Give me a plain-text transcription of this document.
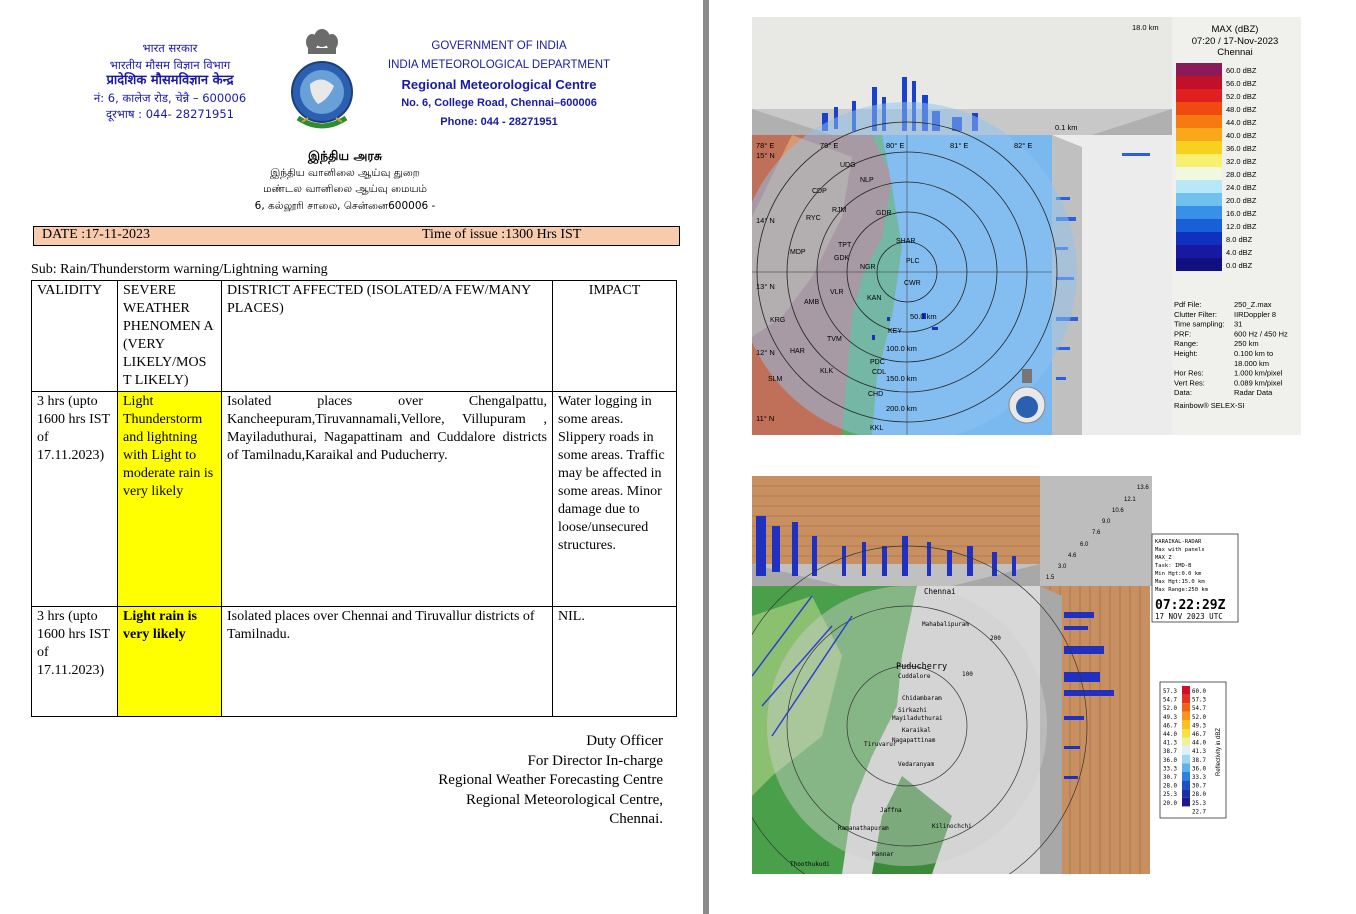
भारत सरकार
भारतीय मौसम विज्ञान विभाग
प्रादेशिक मौसमविज्ञान केन्द्र
नं: 6, कालेज रोड, चेन्नै – 600006
दूरभाष : 044- 28271951
GOVERNMENT OF INDIA
INDIA METEOROLOGICAL DEPARTMENT
Regional Meteorological Centre
No. 6, College Road, Chennai–600006
Phone: 044 - 28271951
இந்திய அரசு
இந்திய வானிலை ஆய்வு துறை
மண்டல வானிலை ஆய்வு மையம்
6, கல்லூரி சாலை, சென்னை600006 -
DATE :17-11-2023	Time of issue :1300 Hrs IST
Sub: Rain/Thunderstorm warning/Lightning warning
VALIDITY	SEVERE WEATHER PHENOMEN A (VERY LIKELY/MOS T LIKELY)	DISTRICT AFFECTED (ISOLATED/A FEW/MANY PLACES)	IMPACT
3 hrs (upto 1600 hrs IST of 17.11.2023)	Light Thunderstorm and lightning with Light to moderate rain is very likely	Isolated places over Chengalpattu, Kancheepuram,Tiruvannamali,Vellore, Villupuram , Mayiladuthurai, Nagapattinam and Cuddalore districts of Tamilnadu,Karaikal and Puducherry.	Water logging in some areas. Slippery roads in some areas. Traffic may be affected in some areas. Minor damage due to loose/unsecured structures.
3 hrs (upto 1600 hrs IST of 17.11.2023)	Light rain is very likely	Isolated places over Chennai and Tiruvallur districts of Tamilnadu.	NIL.
Duty Officer
For Director In-charge
Regional Weather Forecasting Centre
Regional Meteorological Centre,
Chennai.
78° E	79° E	80° E	81° E	82° E
15° N
14° N
13° N
12° N
11° N
50.0 km
100.0 km
150.0 km
200.0 km
UDG
NLP
CDP
RJM
RYC
GDR
SHAR
PLC
TPT
GDK
NGR
MDP
VLR
KAN
CWR
AMB
KRG
TVM
KEY
HAR
PDC
CDL
KLK
SLM
CHD
KKL
18.0 km
0.1 km
MAX (dBZ)
07:20 / 17-Nov-2023
Chennai
60.0 dBZ
56.0 dBZ
52.0 dBZ
48.0 dBZ
44.0 dBZ
40.0 dBZ
36.0 dBZ
32.0 dBZ
28.0 dBZ
24.0 dBZ
20.0 dBZ
16.0 dBZ
12.0 dBZ
8.0 dBZ
4.0 dBZ
0.0 dBZ
Pdf File:	250_Z.max
Clutter Filter: IIRDoppler 8
Time sampling: 31
PRF:	600 Hz / 450 Hz
Range:	250 km
Height:	0.100 km to
18.000 km
Hor Res:	1.000 km/pixel
Vert Res:	0.089 km/pixel
Data:	Radar Data
Rainbow® SELEX-SI
13.6
12.1
10.6
9.0
7.6
6.0
4.6
3.0
1.5
100
200
Chennai
Mahabalipuram
Puducherry
Cuddalore
Chidambaram
Sirkazhi
Mayiladuthurai
Karaikal
Nagapattinam
Tiruvarur
Vedaranyam
Jaffna
Kilinochchi
Ramanathapuram
Mannar
Thoothukudi
KARAIKAL-RADAR
Max with panels
MAX_Z
Task: IMD-B
Min Hgt:0.0 km
Max Hgt:15.0 km
Max Range:250 km
07:22:29Z
17 NOV 2023 UTC
57.3
54.7
52.0
49.3
46.7
44.0
41.3
38.7
36.0
33.3
30.7
28.0
25.3
20.0
60.0
57.3
54.7
52.0
49.3
46.7
44.0
41.3
38.7
36.0
33.3
30.7
28.0
25.3
22.7
Reflectivity in dBZ
